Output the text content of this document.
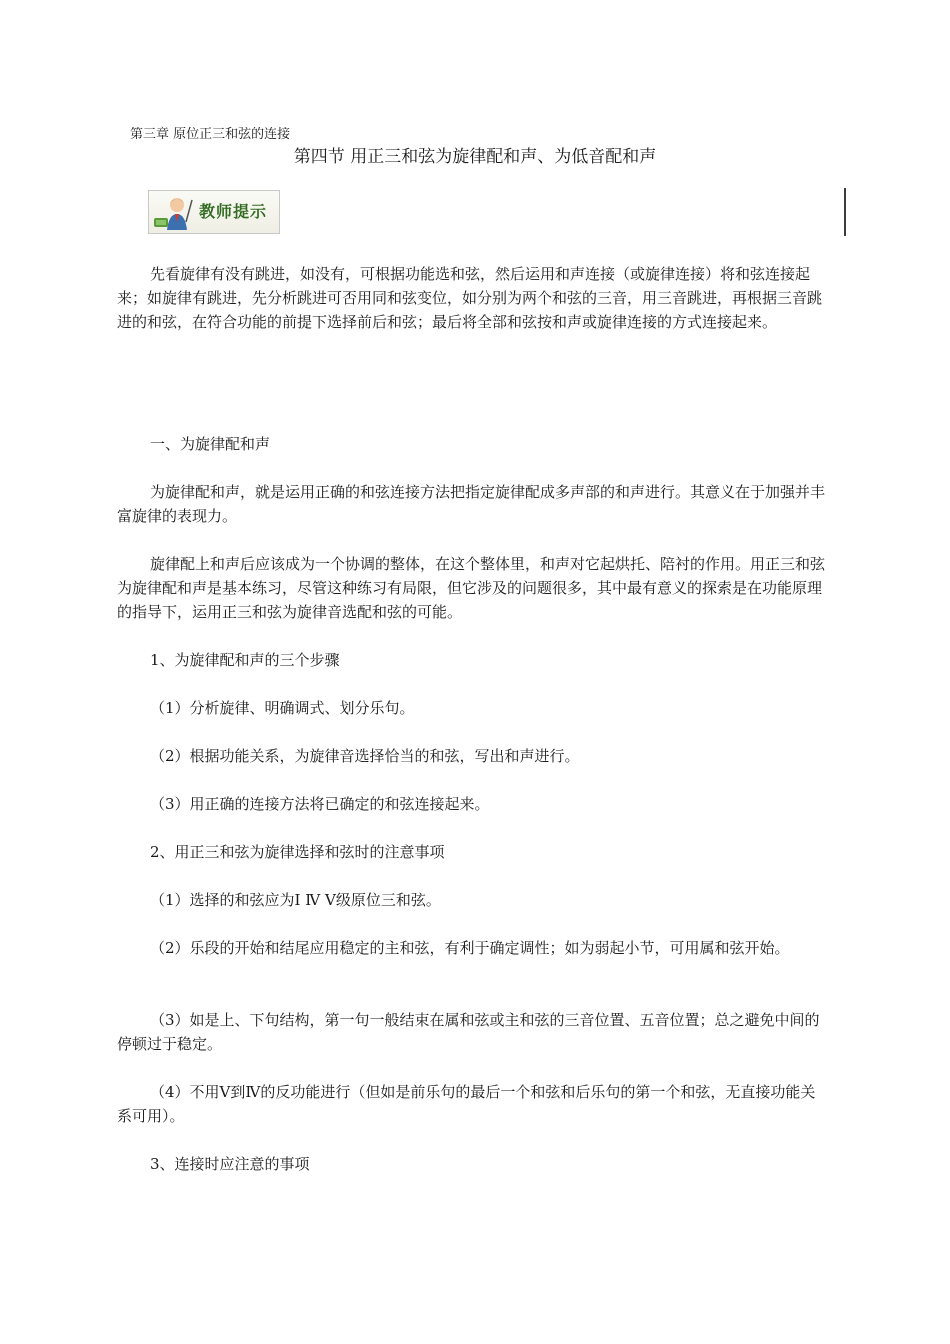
第三章 原位正三和弦的连接
第四节 用正三和弦为旋律配和声、为低音配和声
教师提示

先看旋律有没有跳进，如没有，可根据功能选和弦，然后运用和声连接（或旋律连接）将和弦连接起来；如旋律有跳进，先分析跳进可否用同和弦变位，如分别为两个和弦的三音，用三音跳进，再根据三音跳进的和弦，在符合功能的前提下选择前后和弦；最后将全部和弦按和声或旋律连接的方式连接起来。

一、为旋律配和声

为旋律配和声，就是运用正确的和弦连接方法把指定旋律配成多声部的和声进行。其意义在于加强并丰富旋律的表现力。

旋律配上和声后应该成为一个协调的整体，在这个整体里，和声对它起烘托、陪衬的作用。用正三和弦为旋律配和声是基本练习，尽管这种练习有局限，但它涉及的问题很多，其中最有意义的探索是在功能原理的指导下，运用正三和弦为旋律音选配和弦的可能。

1、为旋律配和声的三个步骤
（1）分析旋律、明确调式、划分乐句。
（2）根据功能关系，为旋律音选择恰当的和弦，写出和声进行。
（3）用正确的连接方法将已确定的和弦连接起来。
2、用正三和弦为旋律选择和弦时的注意事项
（1）选择的和弦应为Ⅰ Ⅳ Ⅴ级原位三和弦。

（2）乐段的开始和结尾应用稳定的主和弦，有利于确定调性；如为弱起小节，可用属和弦开始。

（3）如是上、下句结构，第一句一般结束在属和弦或主和弦的三音位置、五音位置；总之避免中间的停顿过于稳定。

（4）不用Ⅴ到Ⅳ的反功能进行（但如是前乐句的最后一个和弦和后乐句的第一个和弦，无直接功能关系可用）。

3、连接时应注意的事项
